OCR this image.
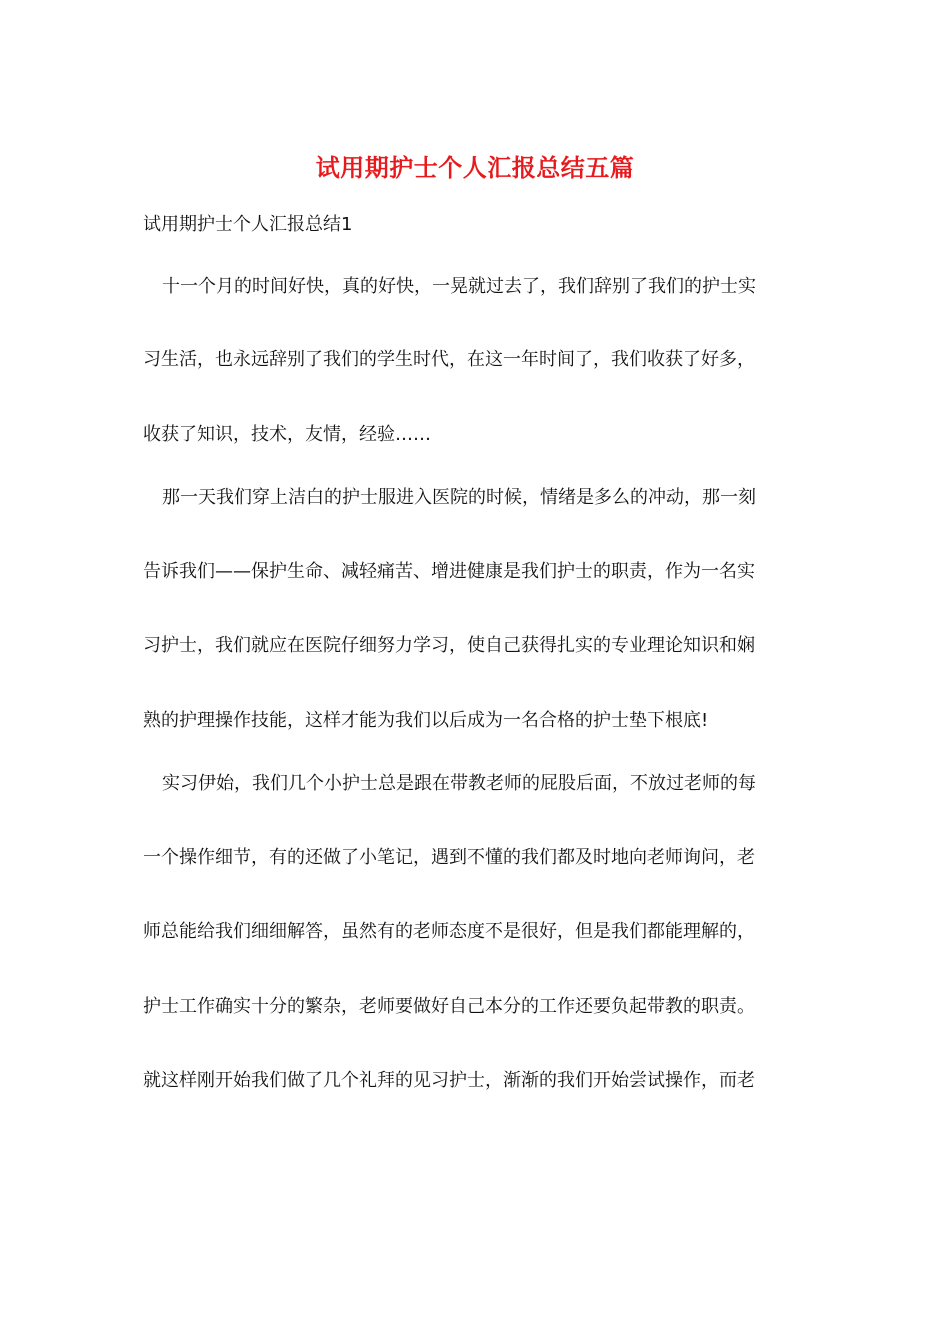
试用期护士个人汇报总结五篇
试用期护士个人汇报总结1
十一个月的时间好快，真的好快，一晃就过去了，我们辞别了我们的护士实
习生活，也永远辞别了我们的学生时代，在这一年时间了，我们收获了好多，
收获了知识，技术，友情，经验……
那一天我们穿上洁白的护士服进入医院的时候，情绪是多么的冲动，那一刻
告诉我们——保护生命、减轻痛苦、增进健康是我们护士的职责，作为一名实
习护士，我们就应在医院仔细努力学习，使自己获得扎实的专业理论知识和娴
熟的护理操作技能，这样才能为我们以后成为一名合格的护士垫下根底!
实习伊始，我们几个小护士总是跟在带教老师的屁股后面，不放过老师的每
一个操作细节，有的还做了小笔记，遇到不懂的我们都及时地向老师询问，老
师总能给我们细细解答，虽然有的老师态度不是很好，但是我们都能理解的，
护士工作确实十分的繁杂，老师要做好自己本分的工作还要负起带教的职责。
就这样刚开始我们做了几个礼拜的见习护士，渐渐的我们开始尝试操作，而老
